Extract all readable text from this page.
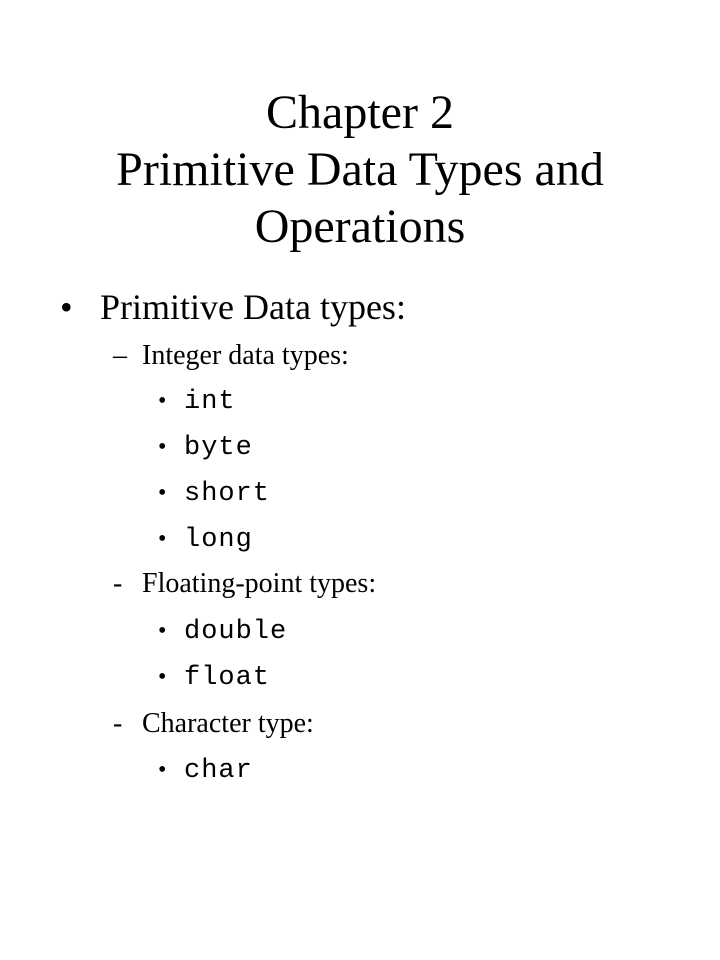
Chapter 2
Primitive Data Types and
Operations
• Primitive Data types:
– Integer data types:
• int
• byte
• short
• long
- Floating-point types:
• double
• float
- Character type:
• char
